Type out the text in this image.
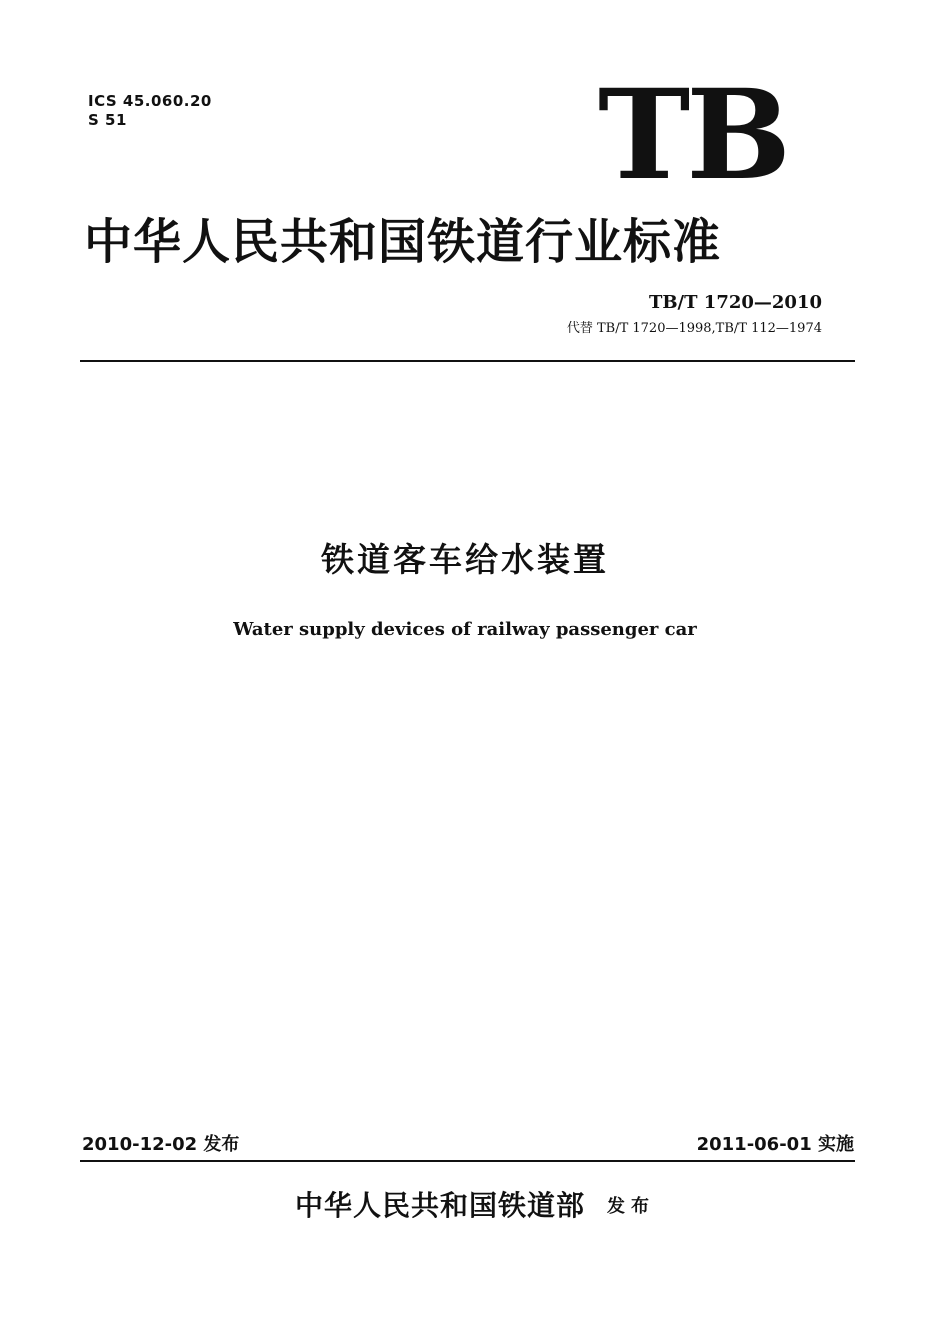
ICS 45.060.20
S 51	TB
中华人民共和国铁道行业标准
TB/T 1720—2010
代替 TB/T 1720—1998,TB/T 112—1974
铁道客车给水装置
Water supply devices of railway passenger car
2010-12-02 发布	2011-06-01 实施
中华人民共和国铁道部 发布
